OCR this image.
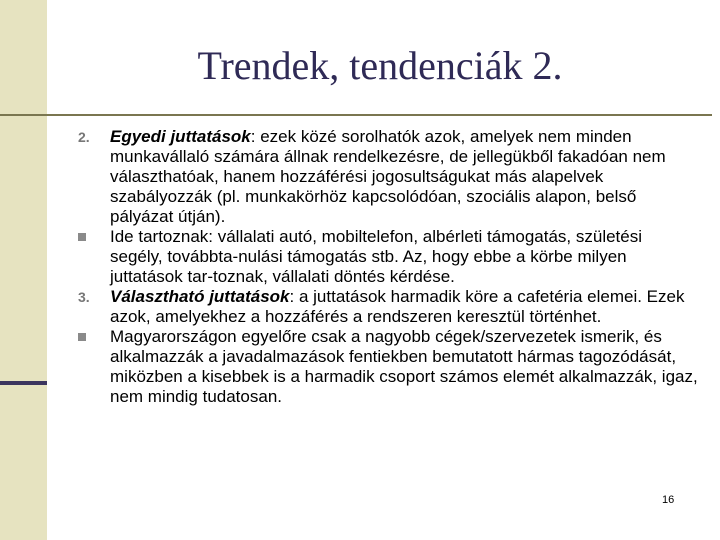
Trendek, tendenciák 2.
2.	Egyedi juttatások: ezek közé sorolhatók azok, amelyek nem minden munkavállaló számára állnak rendelkezésre, de jellegükből fakadóan nem választhatóak, hanem hozzáférési jogosultságukat más alapelvek szabályozzák (pl. munkakörhöz kapcsolódóan, szociális alapon, belső pályázat útján).
Ide tartoznak: vállalati autó, mobiltelefon, albérleti támogatás, születési segély, továbbta-nulási támogatás stb. Az, hogy ebbe a körbe milyen juttatások tar-toznak, vállalati döntés kérdése.
3.	Választható juttatások: a juttatások harmadik köre a cafetéria elemei. Ezek azok, amelyekhez a hozzáférés a rendszeren keresztül történhet.
Magyarországon egyelőre csak a nagyobb cégek/szervezetek ismerik, és alkalmazzák a javadalmazások fentiekben bemutatott hármas tagozódását, miközben a kisebbek is a harmadik csoport számos elemét alkalmazzák, igaz, nem mindig tudatosan.
16
